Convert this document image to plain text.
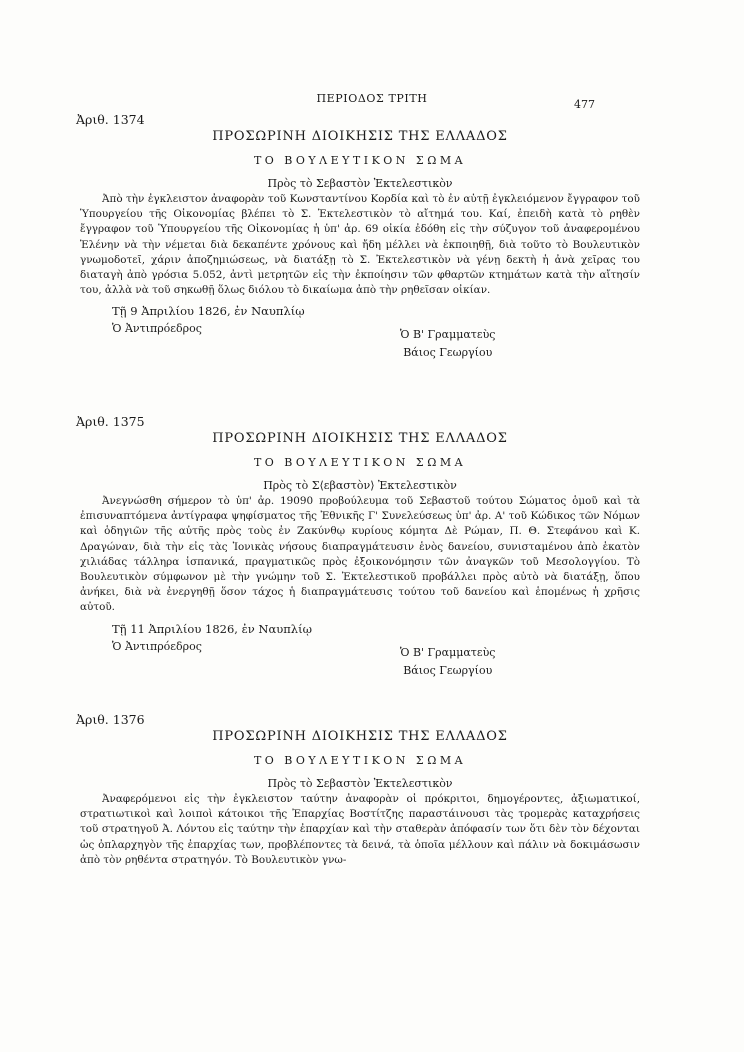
ΠΕΡΙΟΔΟΣ ΤΡΙΤΗ	477
Ἀριθ. 1374
ΠΡΟΣΩΡΙΝΗ ΔΙΟΙΚΗΣΙΣ ΤΗΣ ΕΛΛΑΔΟΣ
ΤΟ ΒΟΥΛΕΥΤΙΚΟΝ ΣΩΜΑ
Πρὸς τὸ Σεβαστὸν Ἐκτελεστικὸν

Ἀπὸ τὴν ἐγκλειστον ἀναφορὰν τοῦ Κωνσταντίνου Κορδία καὶ τὸ ἐν αὐτῇ ἐγκλειόμενον ἔγγραφον τοῦ Ὑπουργείου τῆς Οἰκονομίας βλέπει τὸ Σ. Ἐκτελεστικὸν τὸ αἴτημά του. Καί, ἐπειδὴ κατὰ τὸ ρηθὲν ἔγγραφον τοῦ Ὑπουργείου τῆς Οἰκονομίας ἡ ὑπ' ἀρ. 69 οἰκία ἐδόθη εἰς τὴν σύζυγον τοῦ ἀναφερομένου Ἑλένην νὰ τὴν νέμεται διὰ δεκαπέντε χρόνους καὶ ἤδη μέλλει νὰ ἐκποιηθῇ, διὰ τοῦτο τὸ Βουλευτικὸν γνωμοδοτεῖ, χάριν ἀποζημιώσεως, νὰ διατάξῃ τὸ Σ. Ἐκτελεστικὸν νὰ γένῃ δεκτὴ ἡ ἀνὰ χεῖρας του διαταγὴ ἀπὸ γρόσια 5.052, ἀντὶ μετρητῶν εἰς τὴν ἐκποίησιν τῶν φθαρτῶν κτημάτων κατὰ τὴν αἴτησίν του, ἀλλὰ νὰ τοῦ σηκωθῇ ὅλως διόλου τὸ δικαίωμα ἀπὸ τὴν ρηθεῖσαν οἰκίαν.

Τῇ 9 Ἀπριλίου 1826, ἐν Ναυπλίῳ
Ὁ Ἀντιπρόεδρος	Ὁ Β' Γραμματεὺς
Βάιος Γεωργίου
Ἀριθ. 1375
ΠΡΟΣΩΡΙΝΗ ΔΙΟΙΚΗΣΙΣ ΤΗΣ ΕΛΛΑΔΟΣ
ΤΟ ΒΟΥΛΕΥΤΙΚΟΝ ΣΩΜΑ
Πρὸς τὸ Σ⟨εβαστὸν⟩ Ἐκτελεστικὸν

Ἀνεγνώσθη σήμερον τὸ ὑπ' ἀρ. 19090 προβούλευμα τοῦ Σεβαστοῦ τούτου Σώματος ὁμοῦ καὶ τὰ ἐπισυναπτόμενα ἀντίγραφα ψηφίσματος τῆς Ἐθνικῆς Γ' Συνελεύσεως ὑπ' ἀρ. Α' τοῦ Κώδικος τῶν Νόμων καὶ ὁδηγιῶν τῆς αὐτῆς πρὸς τοὺς ἐν Ζακύνθῳ κυρίους κόμητα Δὲ Ρώμαν, Π. Θ. Στεφάνου καὶ Κ. Δραγώναν, διὰ τὴν εἰς τὰς Ἰονικὰς νήσους διαπραγμάτευσιν ἑνὸς δανείου, συνισταμένου ἀπὸ ἑκατὸν χιλιάδας τάλληρα ἱσπανικά, πραγματικῶς πρὸς ἐξοικονόμησιν τῶν ἀναγκῶν τοῦ Μεσολογγίου. Τὸ Βουλευτικὸν σύμφωνον μὲ τὴν γνώμην τοῦ Σ. Ἐκτελεστικοῦ προβάλλει πρὸς αὐτὸ νὰ διατάξῃ, ὅπου ἀνήκει, διὰ νὰ ἐνεργηθῇ ὅσον τάχος ἡ διαπραγμάτευσις τούτου τοῦ δανείου καὶ ἑπομένως ἡ χρῆσις αὐτοῦ.

Τῇ 11 Ἀπριλίου 1826, ἐν Ναυπλίῳ
Ὁ Ἀντιπρόεδρος	Ὁ Β' Γραμματεὺς
Βάιος Γεωργίου
Ἀριθ. 1376
ΠΡΟΣΩΡΙΝΗ ΔΙΟΙΚΗΣΙΣ ΤΗΣ ΕΛΛΑΔΟΣ
ΤΟ ΒΟΥΛΕΥΤΙΚΟΝ ΣΩΜΑ
Πρὸς τὸ Σεβαστὸν Ἐκτελεστικὸν

Ἀναφερόμενοι εἰς τὴν ἐγκλειστον ταύτην ἀναφορὰν οἱ πρόκριτοι, δημογέροντες, ἀξιωματικοί, στρατιωτικοὶ καὶ λοιποὶ κάτοικοι τῆς Ἐπαρχίας Βοστίτζης παραστάινουσι τὰς τρομερὰς καταχρήσεις τοῦ στρατηγοῦ Ἀ. Λόντου εἰς ταύτην τὴν ἐπαρχίαν καὶ τὴν σταθερὰν ἀπόφασίν των ὅτι δὲν τὸν δέχονται ὡς ὀπλαρχηγὸν τῆς ἐπαρχίας των, προβλέποντες τὰ δεινά, τὰ ὁποῖα μέλλουν καὶ πάλιν νὰ δοκιμάσωσιν ἀπὸ τὸν ρηθέντα στρατηγόν. Τὸ Βουλευτικὸν γνω-
